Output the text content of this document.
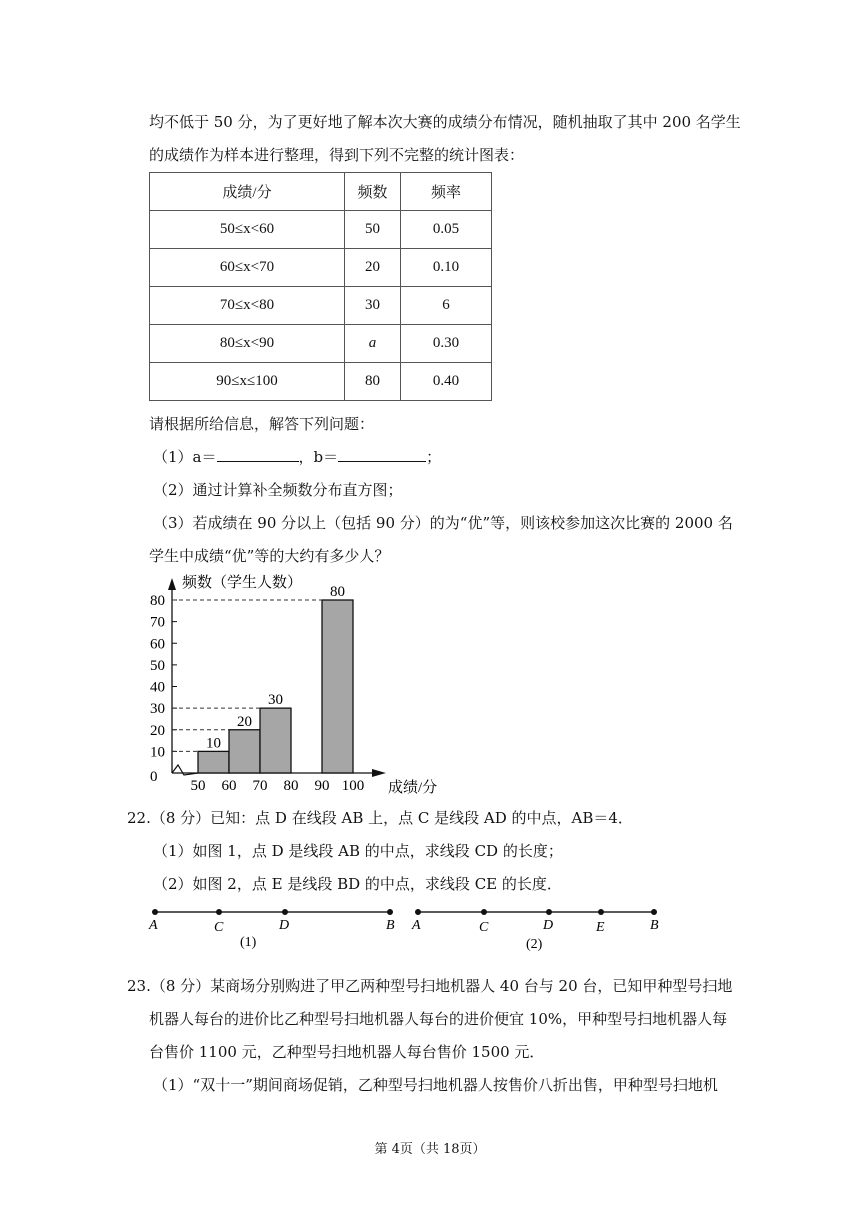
均不低于 50 分，为了更好地了解本次大赛的成绩分布情况，随机抽取了其中 200 名学生
的成绩作为样本进行整理，得到下列不完整的统计图表：
成绩/分	频数	频率
50≤x<60	50	0.05
60≤x<70	20	0.10
70≤x<80	30	6
80≤x<90	a	0.30
90≤x≤100	80	0.40
请根据所给信息，解答下列问题：
（1）a＝	，b＝	；
（2）通过计算补全频数分布直方图；
（3）若成绩在 90 分以上（包括 90 分）的为“优”等，则该校参加这次比赛的 2000 名
学生中成绩“优”等的大约有多少人？
0
10
20
30
40
50
60
70
80
50 60 70 80 90 100
10
20
30
80
频数（学生人数）
成绩/分
22.（8 分）已知：点 D 在线段 AB 上，点 C 是线段 AD 的中点，AB＝4．
（1）如图 1，点 D 是线段 AB 的中点，求线段 CD 的长度；
（2）如图 2，点 E 是线段 BD 的中点，求线段 CE 的长度．
A	C	D	B
(1)
A	C	D	E	B
(2)
23.（8 分）某商场分别购进了甲乙两种型号扫地机器人 40 台与 20 台，已知甲种型号扫地
机器人每台的进价比乙种型号扫地机器人每台的进价便宜 10%，甲种型号扫地机器人每
台售价 1100 元，乙种型号扫地机器人每台售价 1500 元．
（1）“双十一”期间商场促销，乙种型号扫地机器人按售价八折出售，甲种型号扫地机
第 4页（共 18页）
